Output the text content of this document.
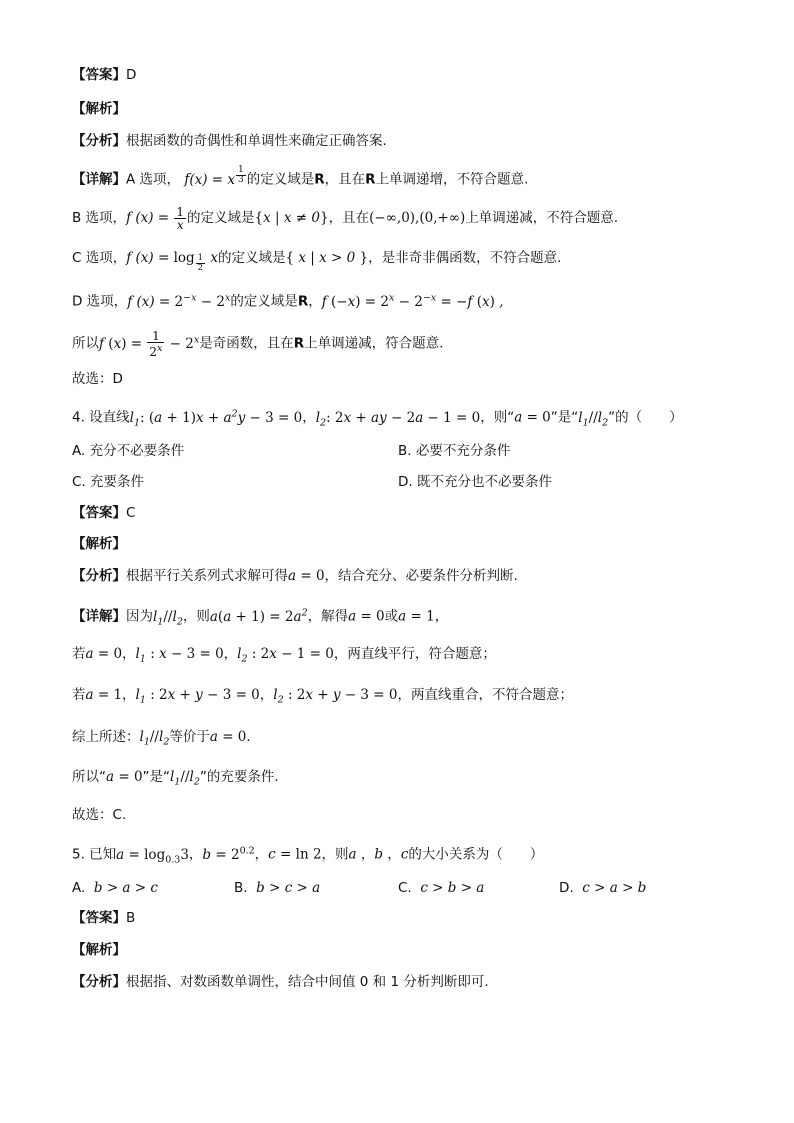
【答案】D
【解析】
【分析】根据函数的奇偶性和单调性来确定正确答案.
【详解】A 选项， f(x) = x $^{\frac{1}{3}}$ 的定义域是R，且在R上单调递增，不符合题意.
B 选项，f $(x) = \frac{1}{x}$ 的定义域是{x | x ≠ 0}，且在(−∞,0),(0,+∞)上单调递减，不符合题意.
C 选项，f (x) = log $_{\frac{1}{2}}$ x的定义域是{ x | x > 0 }，是非奇非偶函数，不符合题意.
D 选项，f $(x) = 2^{-x} - 2^x$的定义域是R，f $(-x) = 2^x - 2^{-x} = -f$ (x) ,
所以f $(x) = \frac{1}{2^x} - 2^x$是奇函数，且在R上单调递减，符合题意.
故选：D
4. 设直线$l_1$: $(a + 1)x + a^2y - 3 = 0$，$l_2$: 2x + ay − 2a − 1 = 0，则“a = 0”是“$l_1//l_2$”的（　　）
A. 充分不必要条件	B. 必要不充分条件
C. 充要条件	D. 既不充分也不必要条件
【答案】C
【解析】
【分析】根据平行关系列式求解可得a = 0，结合充分、必要条件分析判断.
【详解】因为$l_1//l_2$，则$a(a + 1) = 2a^2$，解得a = 0或a = 1，
若a = 0，$l_1$ : x − 3 = 0，$l_2$ : 2x − 1 = 0，两直线平行，符合题意；
若a = 1，$l_1$ : 2x + y − 3 = 0，$l_2$ : 2x + y − 3 = 0，两直线重合，不符合题意；
综上所述：$l_1//l_2$等价于a = 0.
所以“a = 0”是“$l_1//l_2$”的充要条件.
故选：C.
5. 已知$a = \log_{0.3}3$，$b = 2^{0.2}$，c = ln 2，则a ，b ，c的大小关系为（　　）
A. b > a > c	B. b > c > a	C. c > b > a	D. c > a > b
【答案】B
【解析】
【分析】根据指、对数函数单调性，结合中间值 0 和 1 分析判断即可.
